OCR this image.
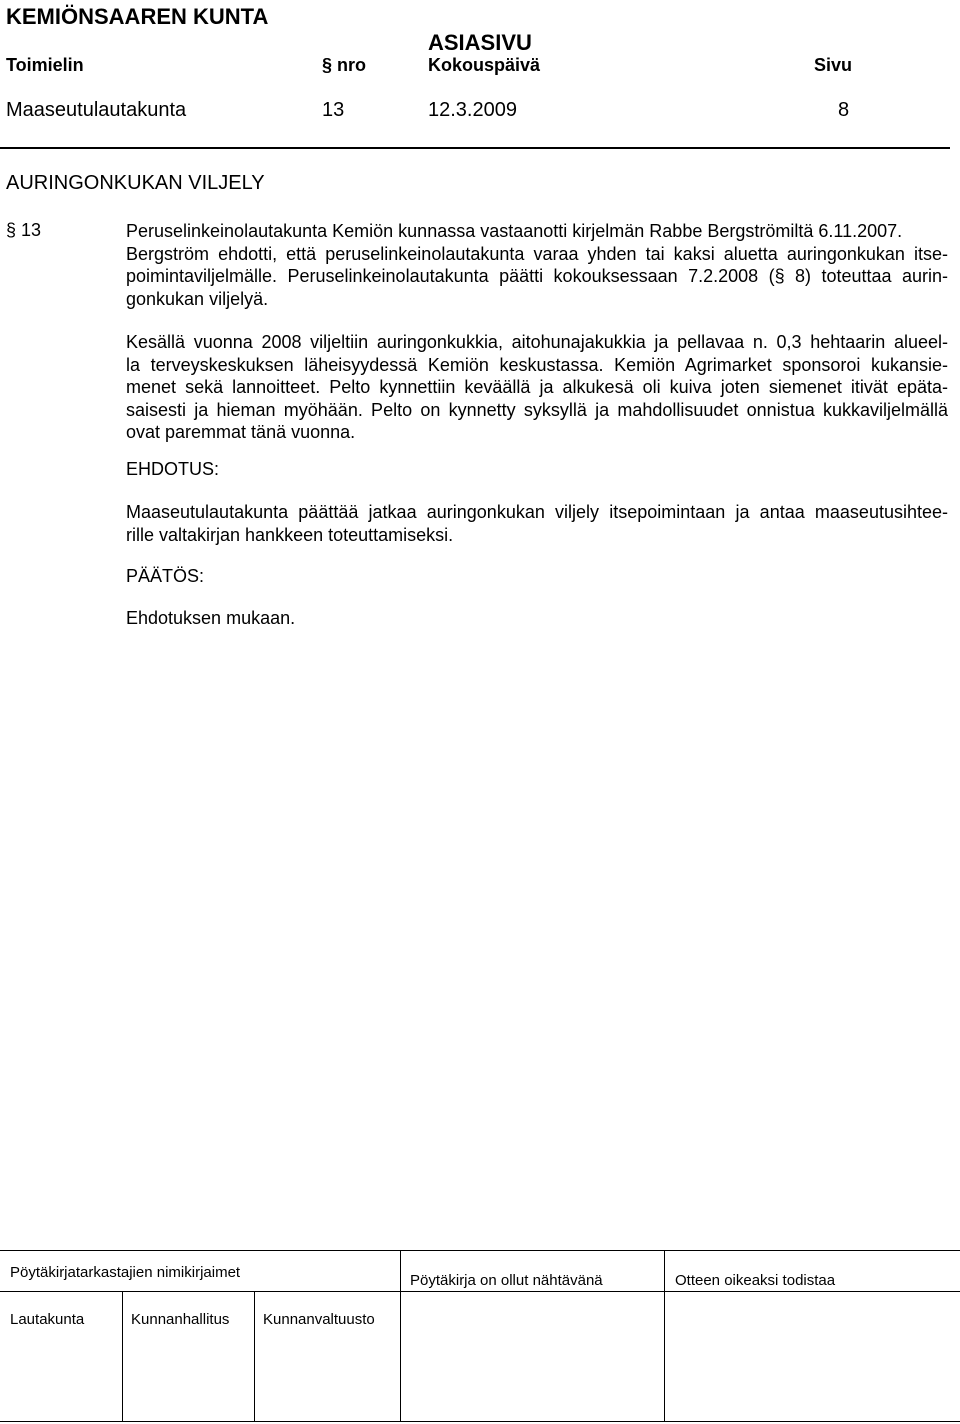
KEMIÖNSAAREN KUNTA
ASIASIVU
Toimielin	§ nro	Kokouspäivä	Sivu
Maaseutulautakunta	13	12.3.2009	8
AURINGONKUKAN VILJELY
§ 13	Peruselinkeinolautakunta Kemiön kunnassa vastaanotti kirjelmän Rabbe Bergströmiltä 6.11.2007.
Bergström ehdotti, että peruselinkeinolautakunta varaa yhden tai kaksi aluetta auringonkukan itse-
poimintaviljelmälle. Peruselinkeinolautakunta päätti kokouksessaan 7.2.2008 (§ 8) toteuttaa aurin-
gonkukan viljelyä.
Kesällä vuonna 2008 viljeltiin auringonkukkia, aitohunajakukkia ja pellavaa n. 0,3 hehtaarin alueel-
la terveyskeskuksen läheisyydessä Kemiön keskustassa. Kemiön Agrimarket sponsoroi kukansie-
menet sekä lannoitteet. Pelto kynnettiin keväällä ja alkukesä oli kuiva joten siemenet itivät epäta-
saisesti ja hieman myöhään. Pelto on kynnetty syksyllä ja mahdollisuudet onnistua kukkaviljelmällä
ovat paremmat tänä vuonna.
EHDOTUS:
Maaseutulautakunta päättää jatkaa auringonkukan viljely itsepoimintaan ja antaa maaseutusihtee-
rille valtakirjan hankkeen toteuttamiseksi.
PÄÄTÖS:
Ehdotuksen mukaan.
Pöytäkirjatarkastajien nimikirjaimet	Pöytäkirja on ollut nähtävänä	Otteen oikeaksi todistaa
Lautakunta	Kunnanhallitus Kunnanvaltuusto
